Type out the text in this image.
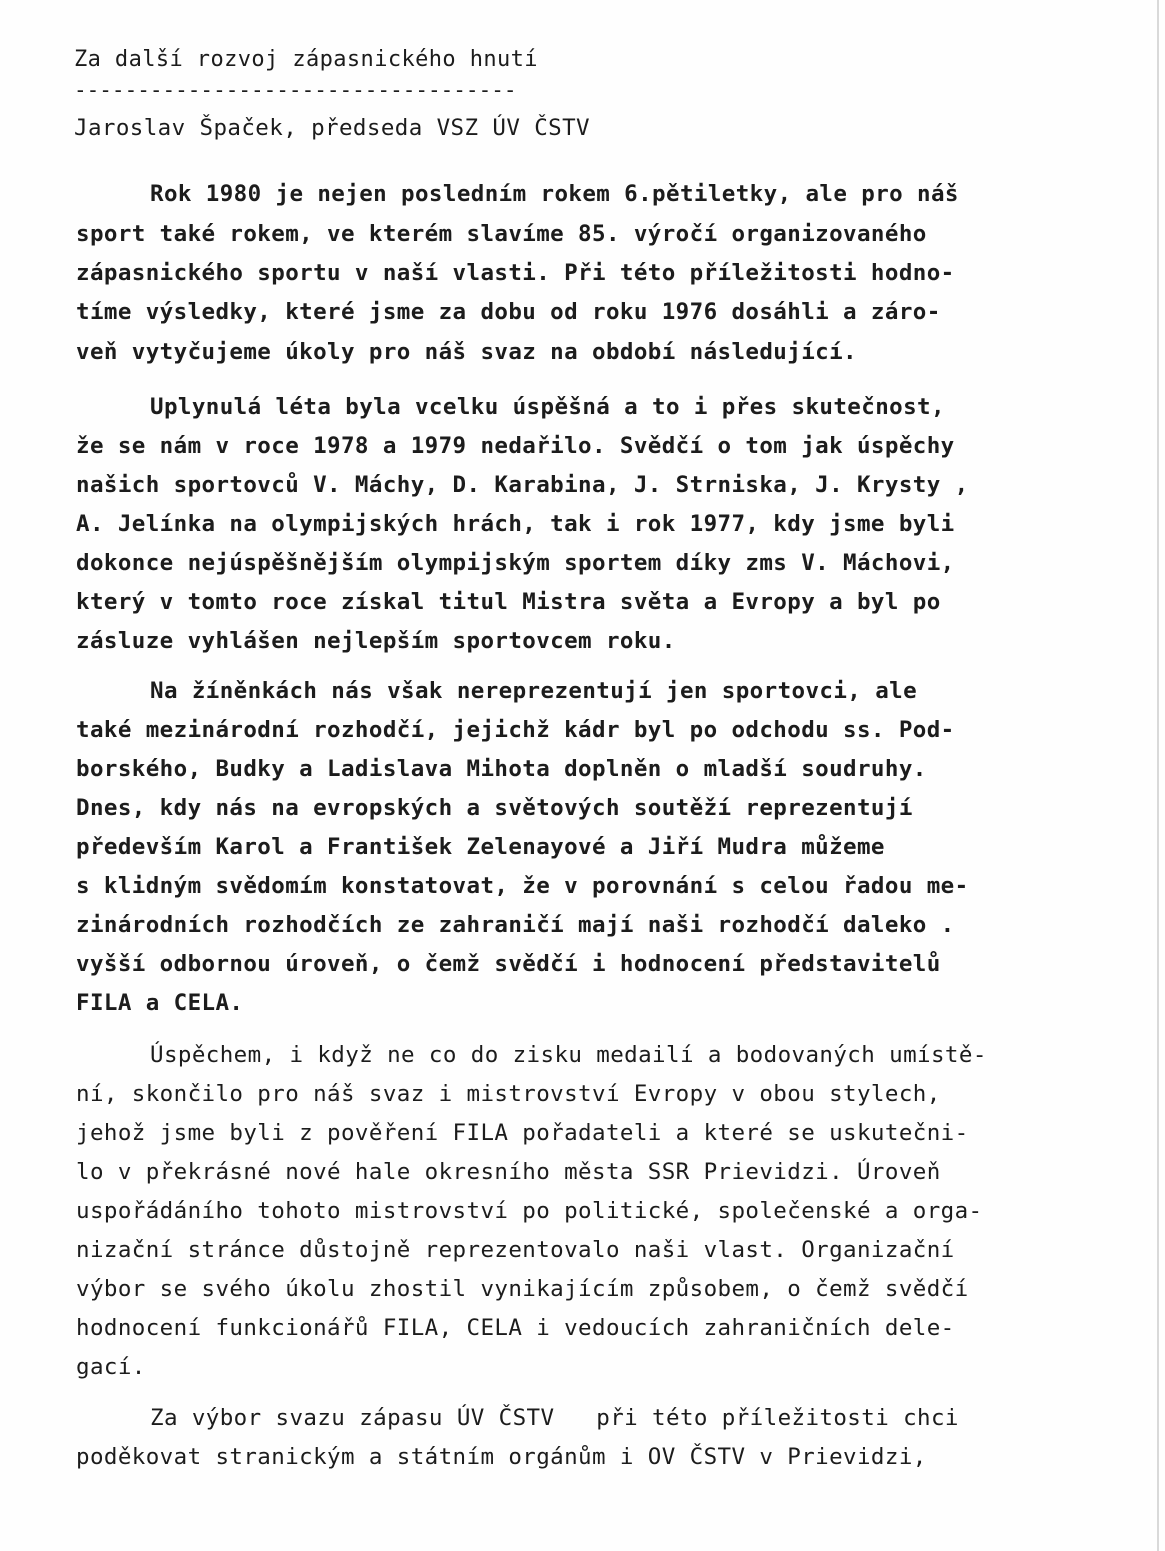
Za další rozvoj zápasnického hnutí
-----------------------------------
Jaroslav Špaček, předseda VSZ ÚV ČSTV
Rok 1980 je nejen posledním rokem 6.pětiletky, ale pro náš
sport také rokem, ve kterém slavíme 85. výročí organizovaného
zápasnického sportu v naší vlasti. Při této příležitosti hodno-
tíme výsledky, které jsme za dobu od roku 1976 dosáhli a záro-
veň vytyčujeme úkoly pro náš svaz na období následující.
Uplynulá léta byla vcelku úspěšná a to i přes skutečnost,
že se nám v roce 1978 a 1979 nedařilo. Svědčí o tom jak úspěchy
našich sportovců V. Máchy, D. Karabina, J. Strniska, J. Krysty ,
A. Jelínka na olympijských hrách, tak i rok 1977, kdy jsme byli
dokonce nejúspěšnějším olympijským sportem díky zms V. Máchovi,
který v tomto roce získal titul Mistra světa a Evropy a byl po
zásluze vyhlášen nejlepším sportovcem roku.
Na žíněnkách nás však nereprezentují jen sportovci, ale
také mezinárodní rozhodčí, jejichž kádr byl po odchodu ss. Pod-
borského, Budky a Ladislava Mihota doplněn o mladší soudruhy.
Dnes, kdy nás na evropských a světových soutěží reprezentují
především Karol a František Zelenayové a Jiří Mudra můžeme
s klidným svědomím konstatovat, že v porovnání s celou řadou me-
zinárodních rozhodčích ze zahraničí mají naši rozhodčí daleko .
vyšší odbornou úroveň, o čemž svědčí i hodnocení představitelů
FILA a CELA.
Úspěchem, i když ne co do zisku medailí a bodovaných umístě-
ní, skončilo pro náš svaz i mistrovství Evropy v obou stylech,
jehož jsme byli z pověření FILA pořadateli a které se uskutečni-
lo v překrásné nové hale okresního města SSR Prievidzi. Úroveň
uspořádáního tohoto mistrovství po politické, společenské a orga-
nizační stránce důstojně reprezentovalo naši vlast. Organizační
výbor se svého úkolu zhostil vynikajícím způsobem, o čemž svědčí
hodnocení funkcionářů FILA, CELA i vedoucích zahraničních dele-
gací.
Za výbor svazu zápasu ÚV ČSTV   při této příležitosti chci
poděkovat stranickým a státním orgánům i OV ČSTV v Prievidzi,
